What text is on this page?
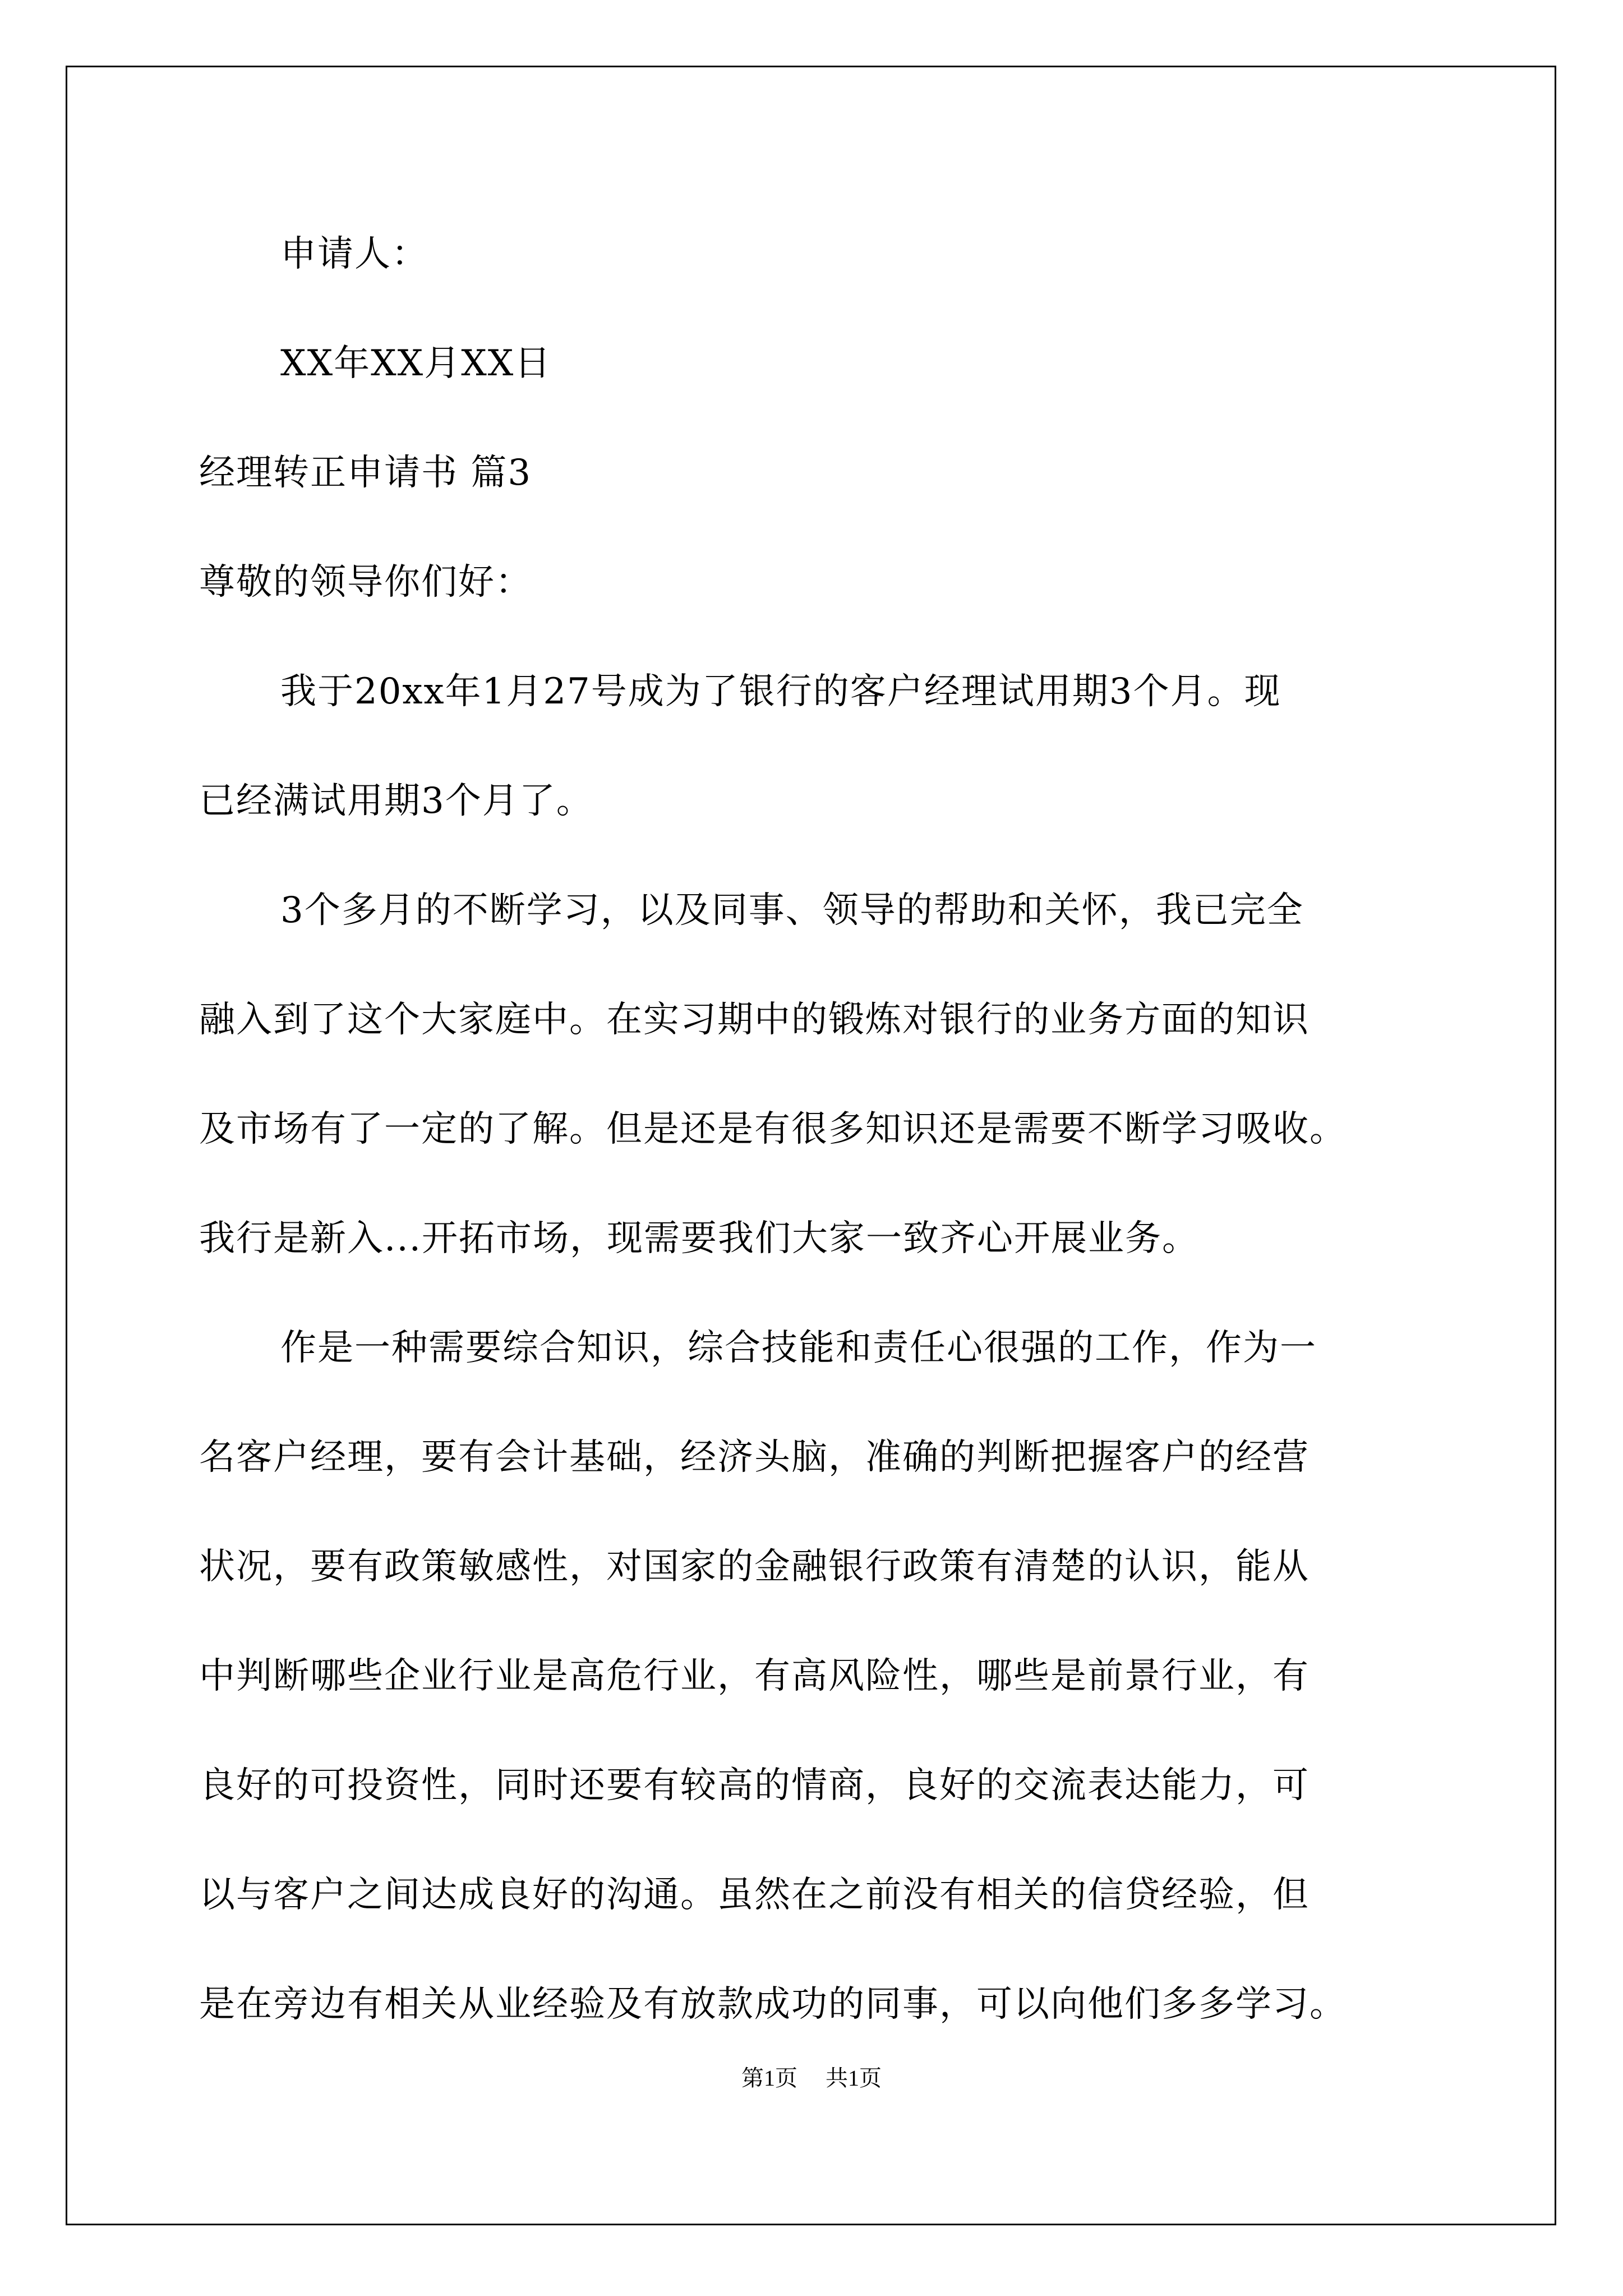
申请人：
XX年XX月XX日
经理转正申请书 篇3
尊敬的领导你们好：
我于20xx年1月27号成为了银行的客户经理试用期3个月。现
已经满试用期3个月了。
3个多月的不断学习，以及同事、领导的帮助和关怀，我已完全
融入到了这个大家庭中。在实习期中的锻炼对银行的业务方面的知识
及市场有了一定的了解。但是还是有很多知识还是需要不断学习吸收。
我行是新入...开拓市场，现需要我们大家一致齐心开展业务。
作是一种需要综合知识，综合技能和责任心很强的工作，作为一
名客户经理，要有会计基础，经济头脑，准确的判断把握客户的经营
状况，要有政策敏感性，对国家的金融银行政策有清楚的认识，能从
中判断哪些企业行业是高危行业，有高风险性，哪些是前景行业，有
良好的可投资性，同时还要有较高的情商，良好的交流表达能力，可
以与客户之间达成良好的沟通。虽然在之前没有相关的信贷经验，但
是在旁边有相关从业经验及有放款成功的同事，可以向他们多多学习。
第1页 共1页
